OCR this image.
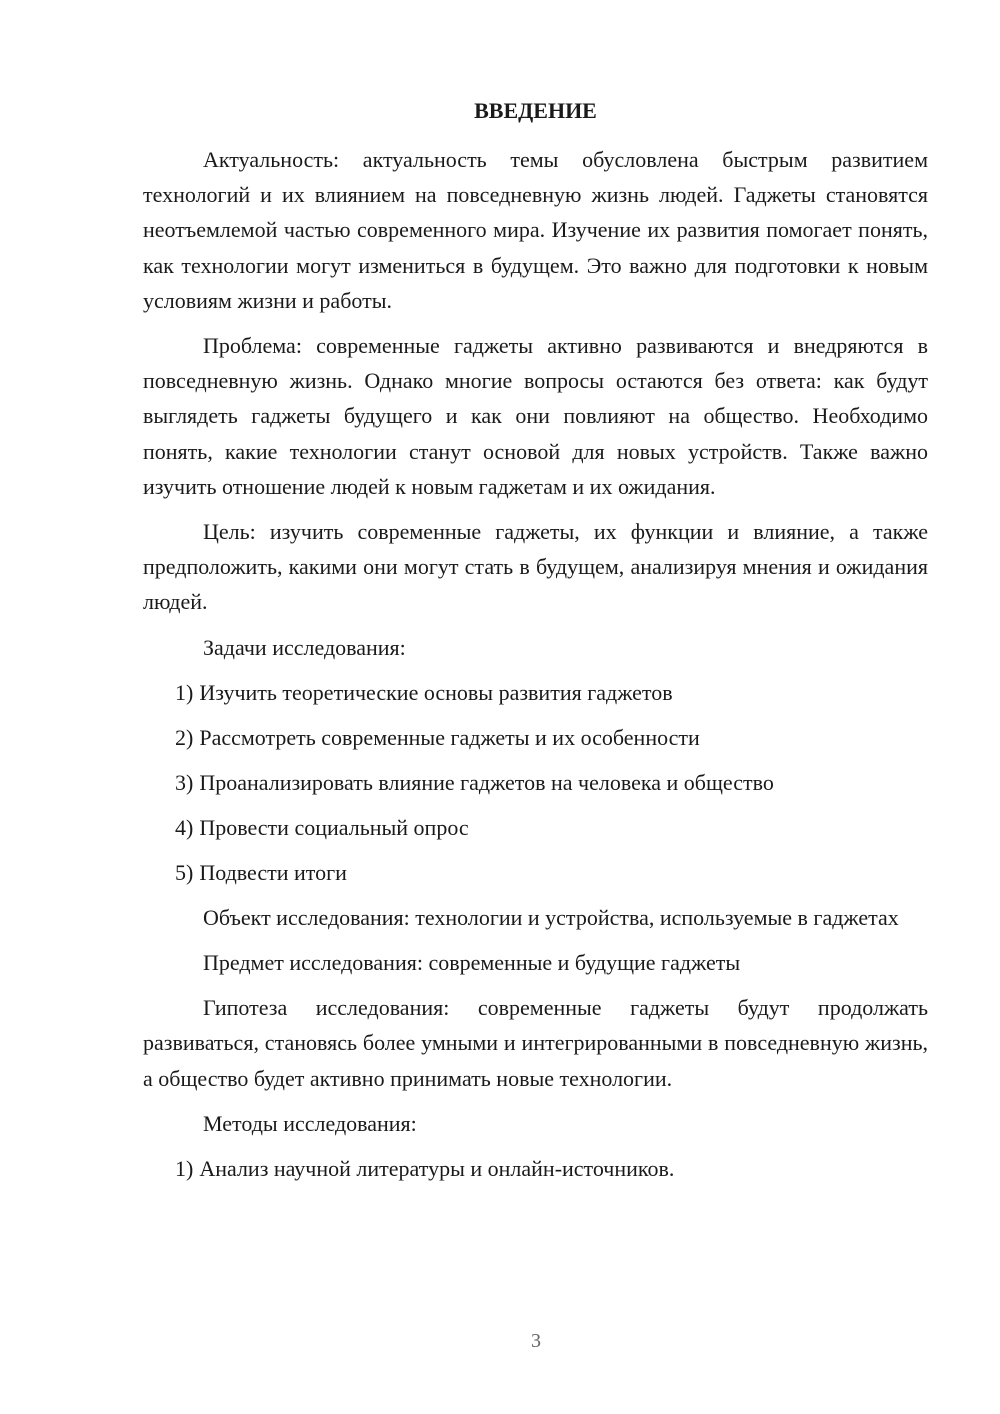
ВВЕДЕНИЕ

Актуальность: актуальность темы обусловлена быстрым развитием технологий и их влиянием на повседневную жизнь людей. Гаджеты становятся неотъемлемой частью современного мира. Изучение их развития помогает понять, как технологии могут измениться в будущем. Это важно для подготовки к новым условиям жизни и работы.

Проблема: современные гаджеты активно развиваются и внедряются в повседневную жизнь. Однако многие вопросы остаются без ответа: как будут выглядеть гаджеты будущего и как они повлияют на общество. Необходимо понять, какие технологии станут основой для новых устройств. Также важно изучить отношение людей к новым гаджетам и их ожидания.

Цель: изучить современные гаджеты, их функции и влияние, а также предположить, какими они могут стать в будущем, анализируя мнения и ожидания людей.

Задачи исследования:

1) Изучить теоретические основы развития гаджетов
2) Рассмотреть современные гаджеты и их особенности
3) Проанализировать влияние гаджетов на человека и общество
4) Провести социальный опрос
5) Подвести итоги

Объект исследования: технологии и устройства, используемые в гаджетах

Предмет исследования: современные и будущие гаджеты

Гипотеза исследования: современные гаджеты будут продолжать развиваться, становясь более умными и интегрированными в повседневную жизнь, а общество будет активно принимать новые технологии.

Методы исследования:

1) Анализ научной литературы и онлайн-источников.
3
